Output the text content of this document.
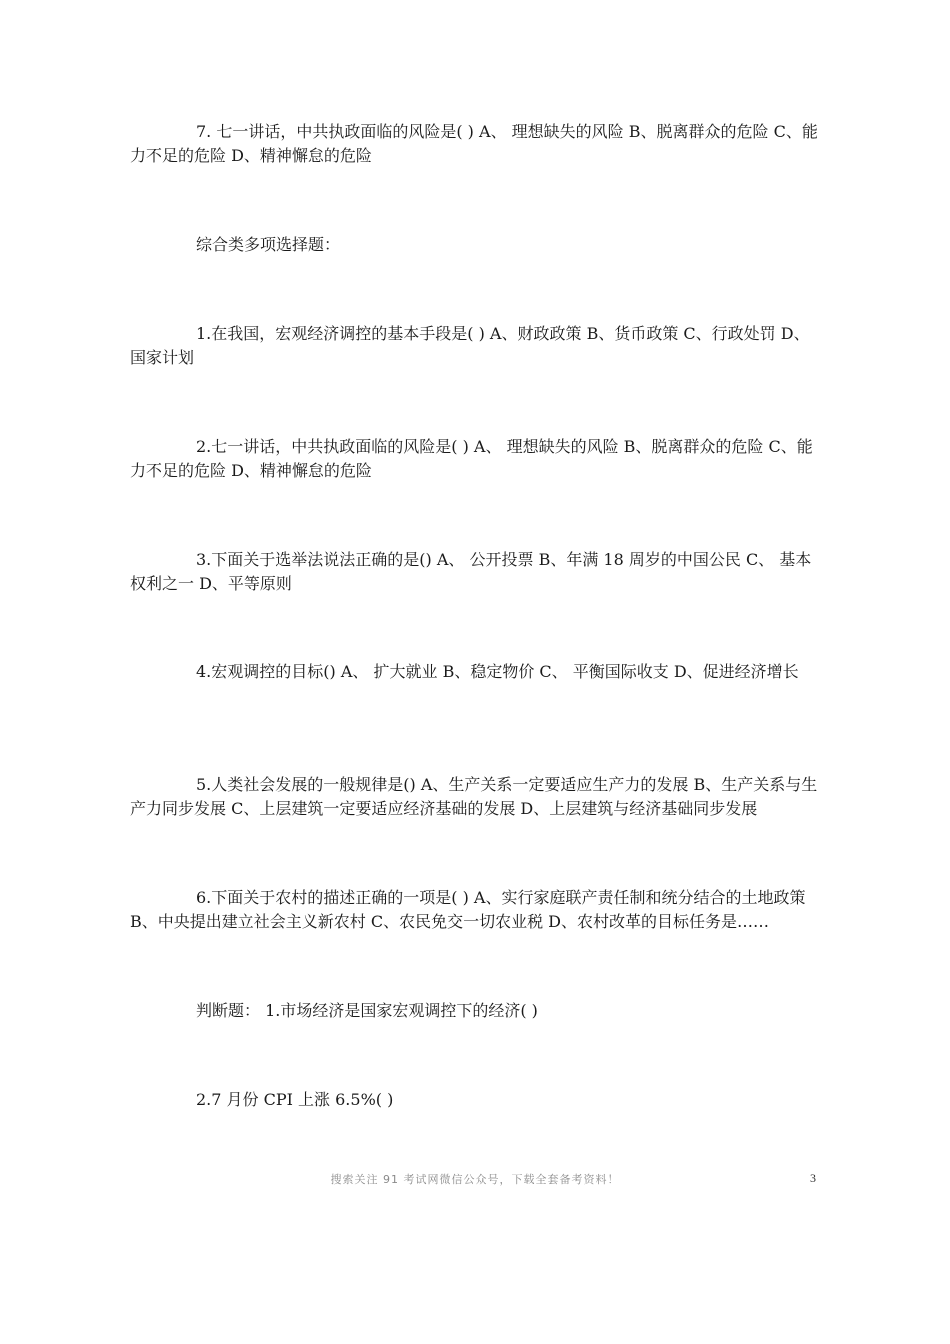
7. 七一讲话，中共执政面临的风险是( ) A、 理想缺失的风险 B、脱离群众的危险 C、能力不足的危险 D、精神懈怠的危险

综合类多项选择题：

1.在我国，宏观经济调控的基本手段是( ) A、财政政策 B、货币政策 C、行政处罚 D、国家计划

2.七一讲话，中共执政面临的风险是( ) A、 理想缺失的风险 B、脱离群众的危险 C、能力不足的危险 D、精神懈怠的危险

3.下面关于选举法说法正确的是() A、 公开投票 B、年满 18 周岁的中国公民 C、 基本权利之一 D、平等原则

4.宏观调控的目标() A、 扩大就业 B、稳定物价 C、 平衡国际收支 D、促进经济增长

5.人类社会发展的一般规律是() A、生产关系一定要适应生产力的发展 B、生产关系与生产力同步发展 C、上层建筑一定要适应经济基础的发展 D、上层建筑与经济基础同步发展

6.下面关于农村的描述正确的一项是( ) A、实行家庭联产责任制和统分结合的土地政策 B、中央提出建立社会主义新农村 C、农民免交一切农业税 D、农村改革的目标任务是……

判断题： 1.市场经济是国家宏观调控下的经济( )

2.7 月份 CPI 上涨 6.5%( )

搜索关注 91 考试网微信公众号，下载全套备考资料！	3
